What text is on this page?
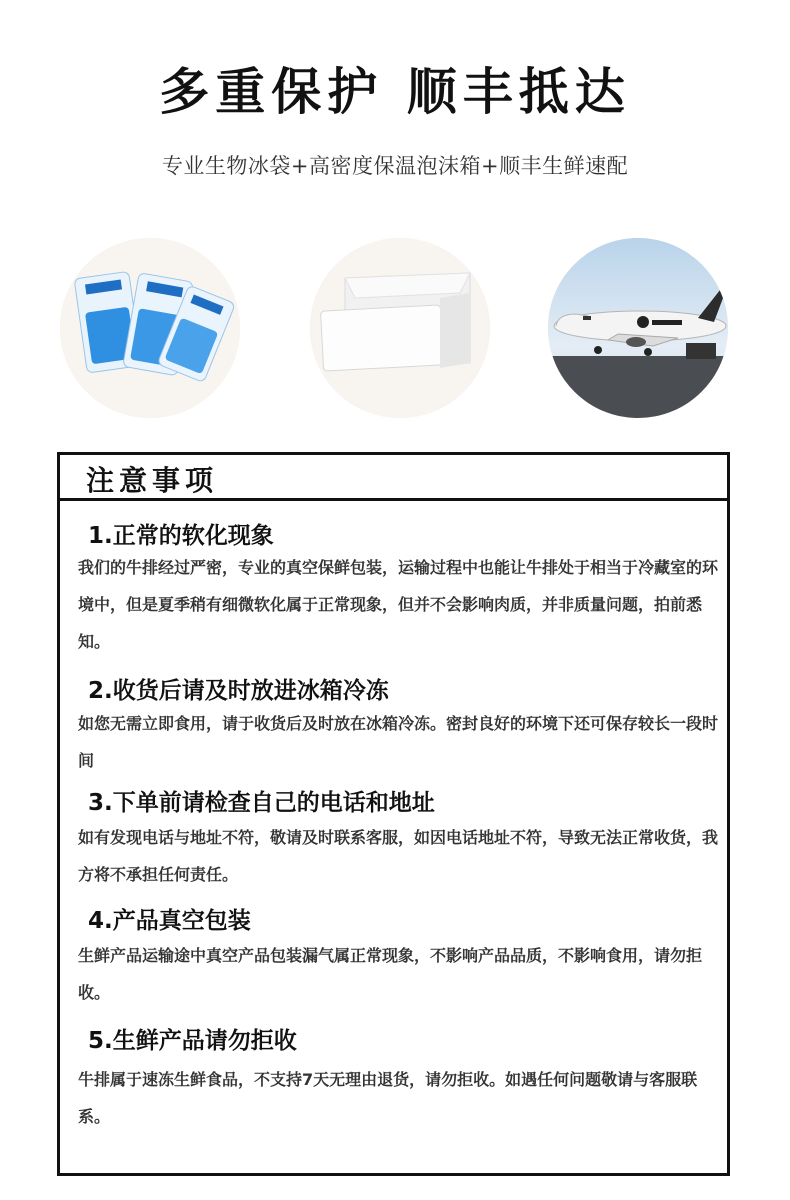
多重保护 顺丰抵达
专业生物冰袋+高密度保温泡沫箱+顺丰生鲜速配
注意事项
1.正常的软化现象
我们的牛排经过严密，专业的真空保鲜包装，运输过程中也能让牛排处于相当于冷藏室的环境中，但是夏季稍有细微软化属于正常现象，但并不会影响肉质，并非质量问题，拍前悉知。
2.收货后请及时放进冰箱冷冻
如您无需立即食用，请于收货后及时放在冰箱冷冻。密封良好的环境下还可保存较长一段时间
3.下单前请检查自己的电话和地址
如有发现电话与地址不符，敬请及时联系客服，如因电话地址不符，导致无法正常收货，我方将不承担任何责任。
4.产品真空包装
生鲜产品运输途中真空产品包装漏气属正常现象，不影响产品品质，不影响食用，请勿拒收。
5.生鲜产品请勿拒收
牛排属于速冻生鲜食品，不支持7天无理由退货，请勿拒收。如遇任何问题敬请与客服联系。
